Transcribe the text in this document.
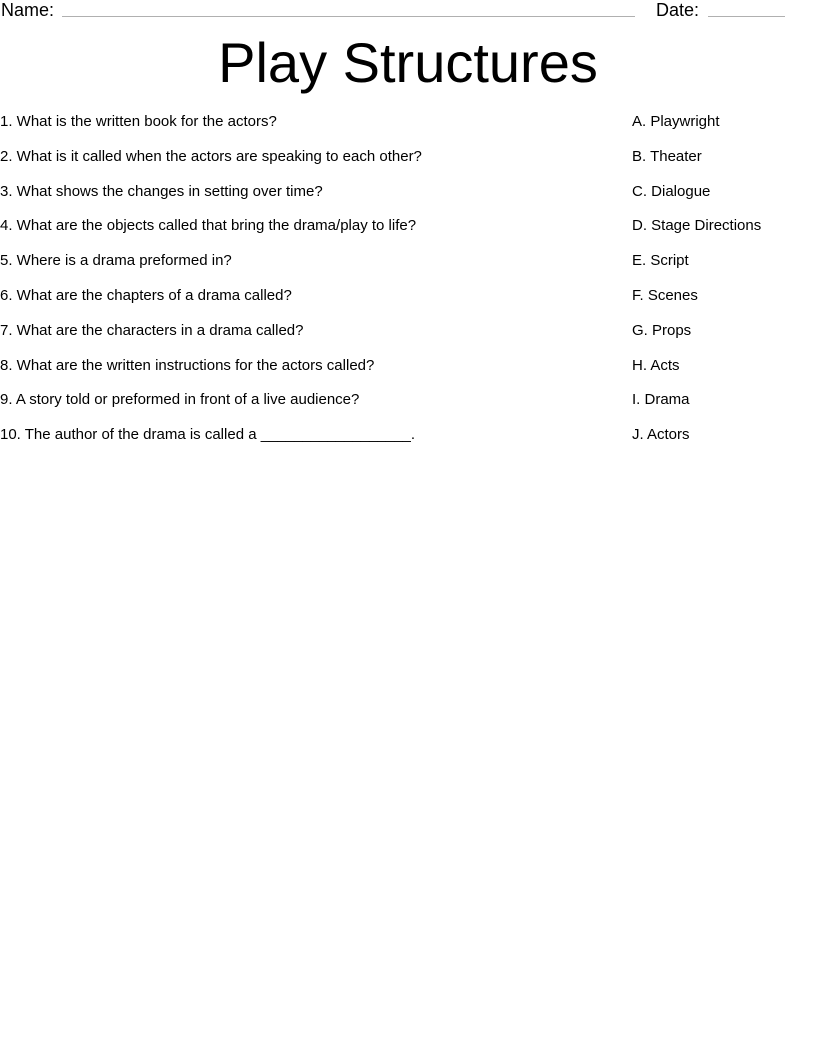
Name:	Date:
Play Structures
1. What is the written book for the actors?
2. What is it called when the actors are speaking to each other?
3. What shows the changes in setting over time?
4. What are the objects called that bring the drama/play to life?
5. Where is a drama preformed in?
6. What are the chapters of a drama called?
7. What are the characters in a drama called?
8. What are the written instructions for the actors called?
9. A story told or preformed in front of a live audience?
10. The author of the drama is called a __________________.
A. Playwright
B. Theater
C. Dialogue
D. Stage Directions
E. Script
F. Scenes
G. Props
H. Acts
I. Drama
J. Actors
